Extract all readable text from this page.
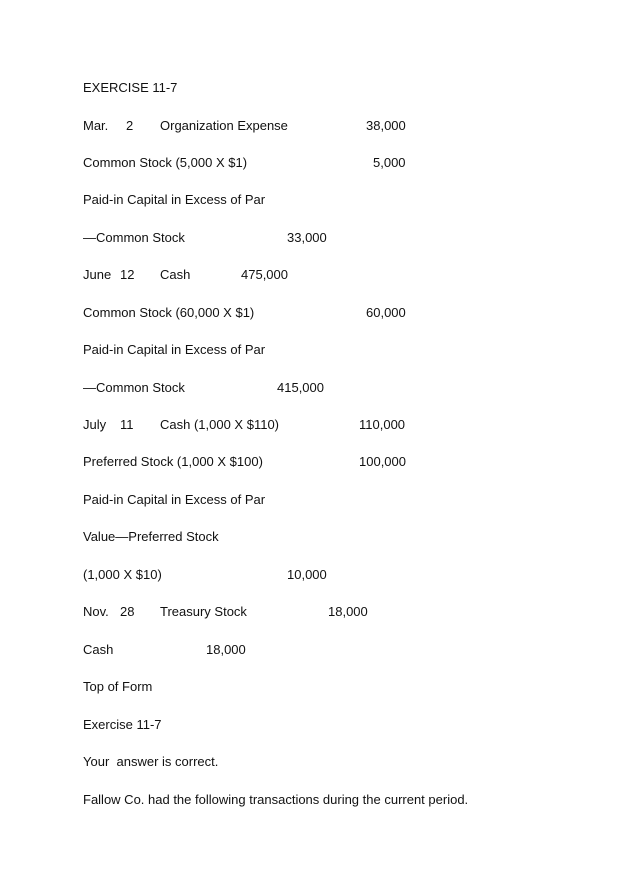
EXERCISE 11-7
Mar. 2 Organization Expense	38,000
Common Stock (5,000 X $1)	5,000
Paid-in Capital in Excess of Par
—Common Stock	33,000
June 12 Cash	475,000
Common Stock (60,000 X $1)	60,000
Paid-in Capital in Excess of Par
—Common Stock	415,000
July 11 Cash (1,000 X $110)	110,000
Preferred Stock (1,000 X $100)	100,000
Paid-in Capital in Excess of Par
Value—Preferred Stock
(1,000 X $10)	10,000
Nov. 28 Treasury Stock	18,000
Cash	18,000
Top of Form
Exercise 11-7
Your  answer is correct.
Fallow Co. had the following transactions during the current period.
